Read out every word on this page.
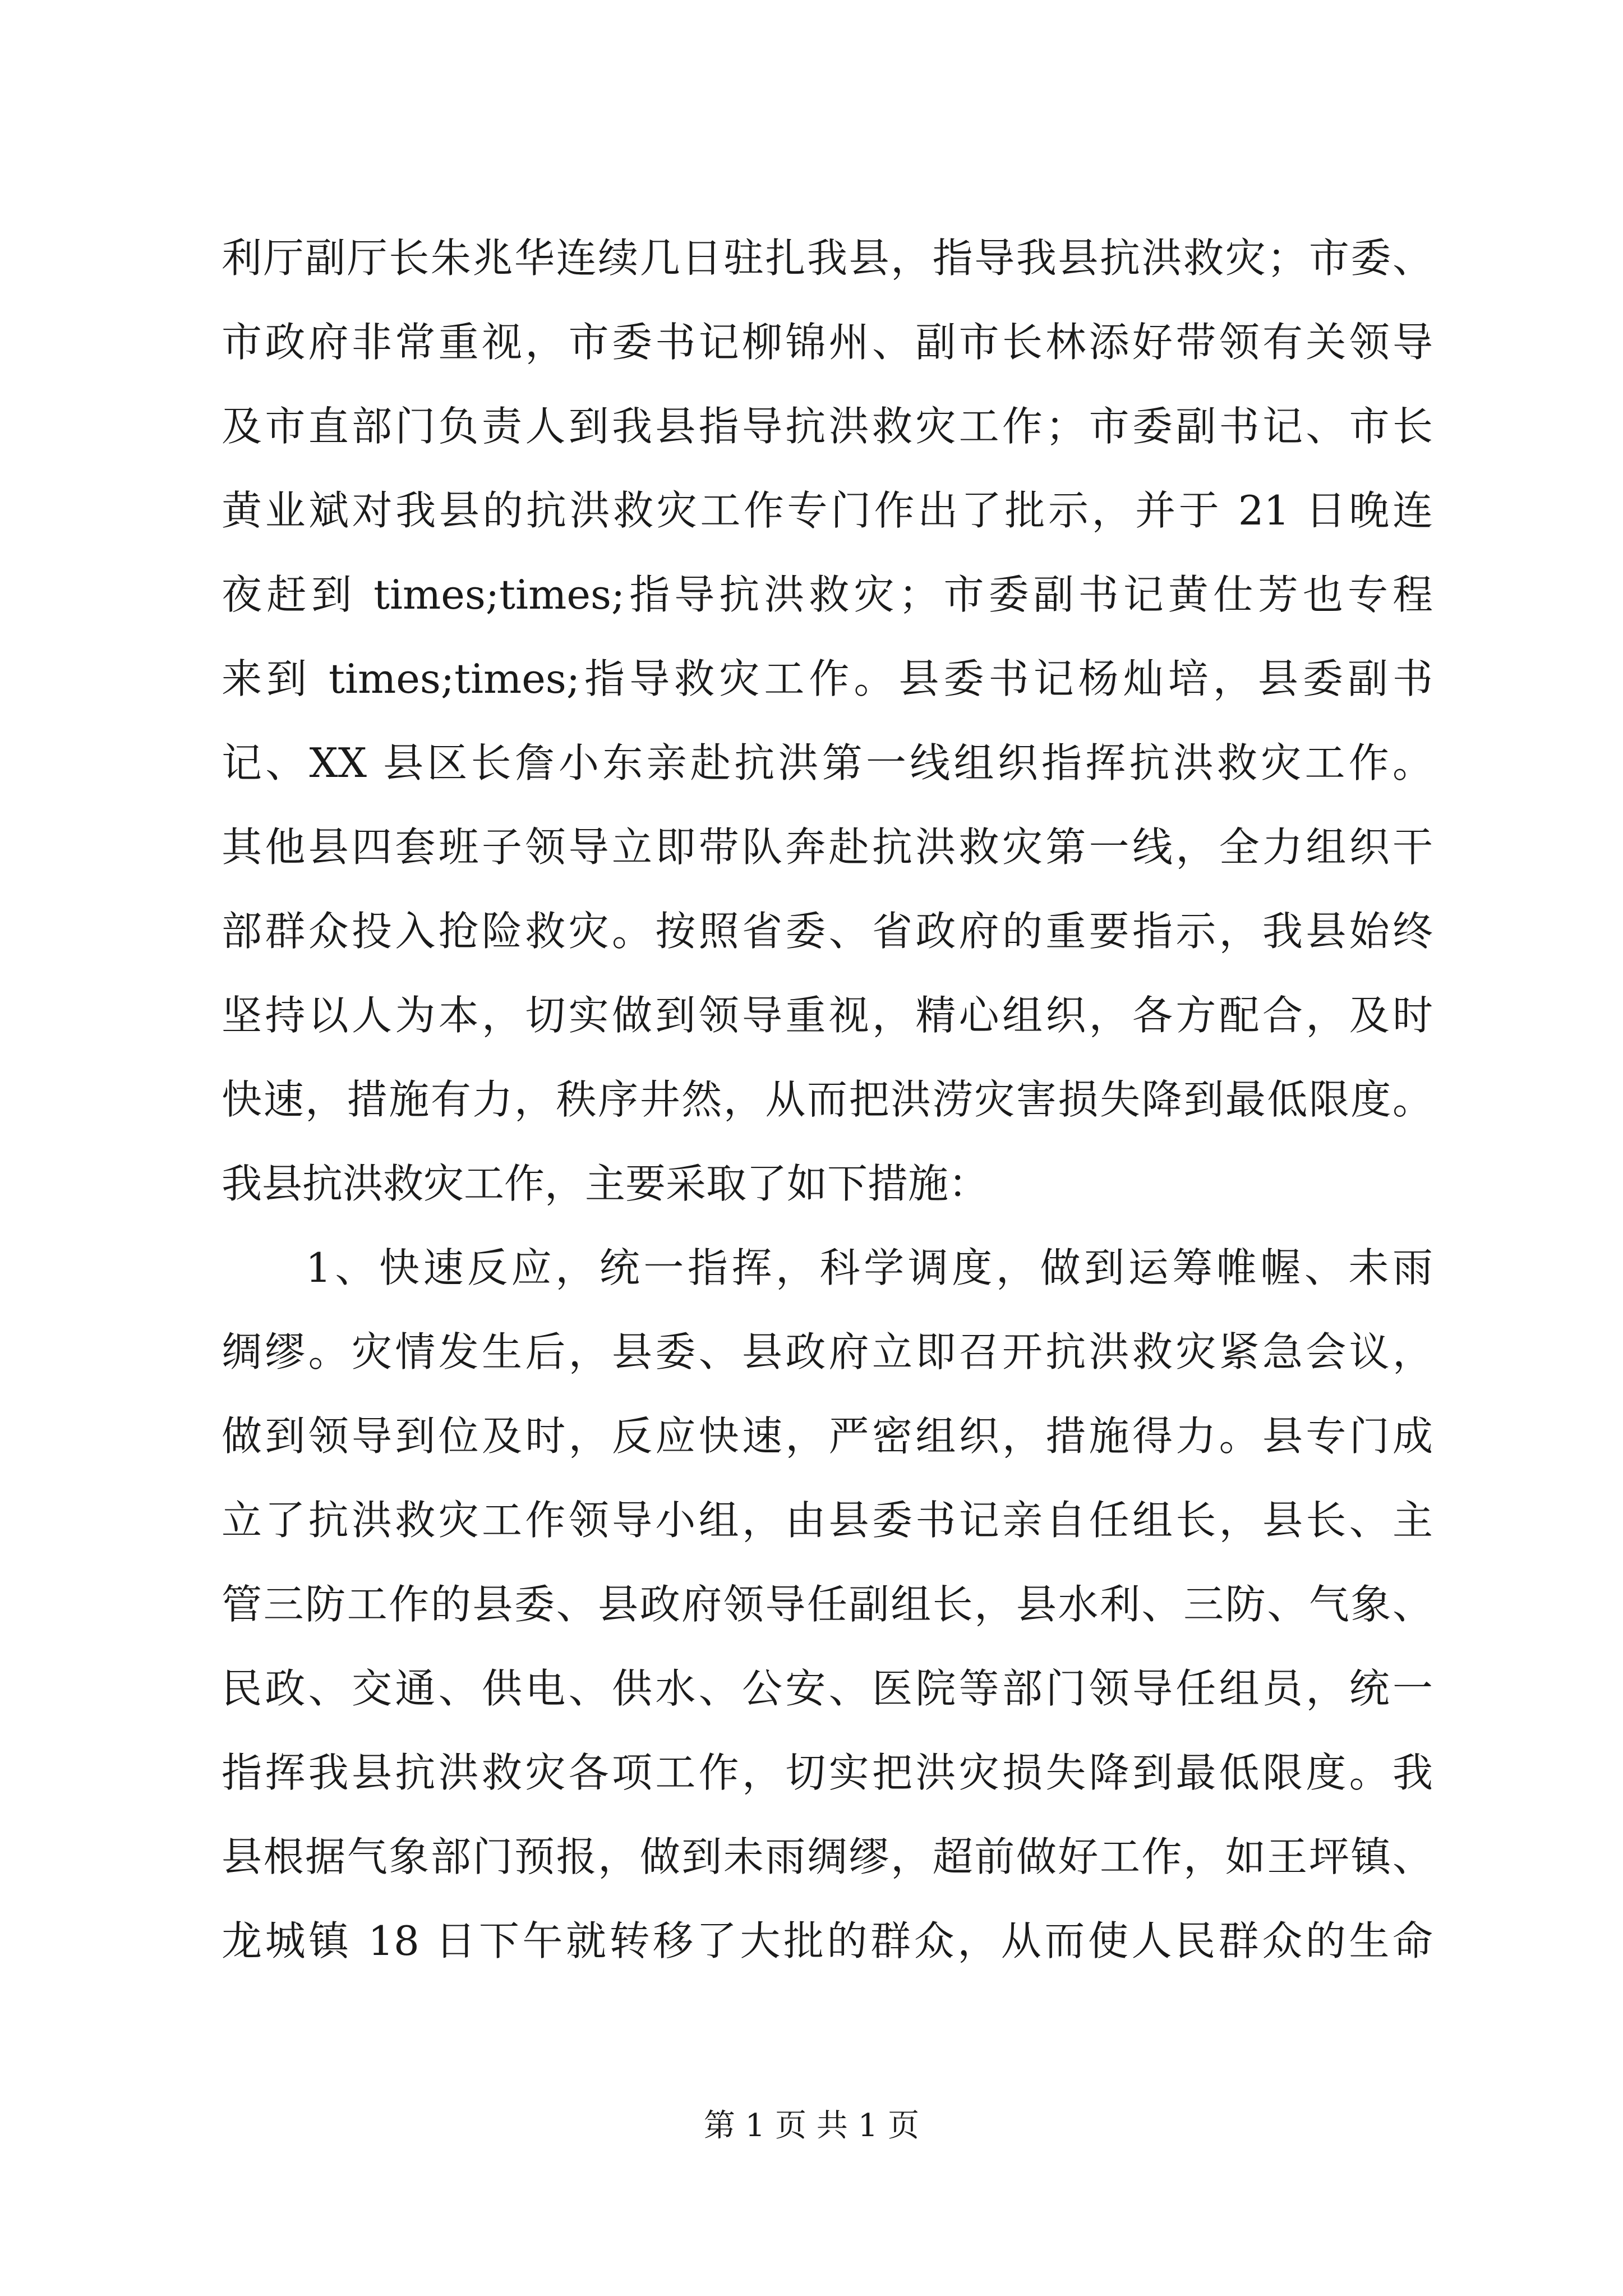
利厅副厅长朱兆华连续几日驻扎我县，指导我县抗洪救灾；市委、
市政府非常重视，市委书记柳锦州、副市长林添好带领有关领导
及市直部门负责人到我县指导抗洪救灾工作；市委副书记、市长
黄业斌对我县的抗洪救灾工作专门作出了批示，并于 21 日晚连
夜赶到 times;times;指导抗洪救灾；市委副书记黄仕芳也专程
来到 times;times;指导救灾工作。县委书记杨灿培，县委副书
记、XX 县区长詹小东亲赴抗洪第一线组织指挥抗洪救灾工作。
其他县四套班子领导立即带队奔赴抗洪救灾第一线，全力组织干
部群众投入抢险救灾。按照省委、省政府的重要指示，我县始终
坚持以人为本，切实做到领导重视，精心组织，各方配合，及时
快速，措施有力，秩序井然，从而把洪涝灾害损失降到最低限度。
我县抗洪救灾工作，主要采取了如下措施：
1、快速反应，统一指挥，科学调度，做到运筹帷幄、未雨
绸缪。灾情发生后，县委、县政府立即召开抗洪救灾紧急会议，
做到领导到位及时，反应快速，严密组织，措施得力。县专门成
立了抗洪救灾工作领导小组，由县委书记亲自任组长，县长、主
管三防工作的县委、县政府领导任副组长，县水利、三防、气象、
民政、交通、供电、供水、公安、医院等部门领导任组员，统一
指挥我县抗洪救灾各项工作，切实把洪灾损失降到最低限度。我
县根据气象部门预报，做到未雨绸缪，超前做好工作，如王坪镇、
龙城镇 18 日下午就转移了大批的群众，从而使人民群众的生命
第 1 页 共 1 页
